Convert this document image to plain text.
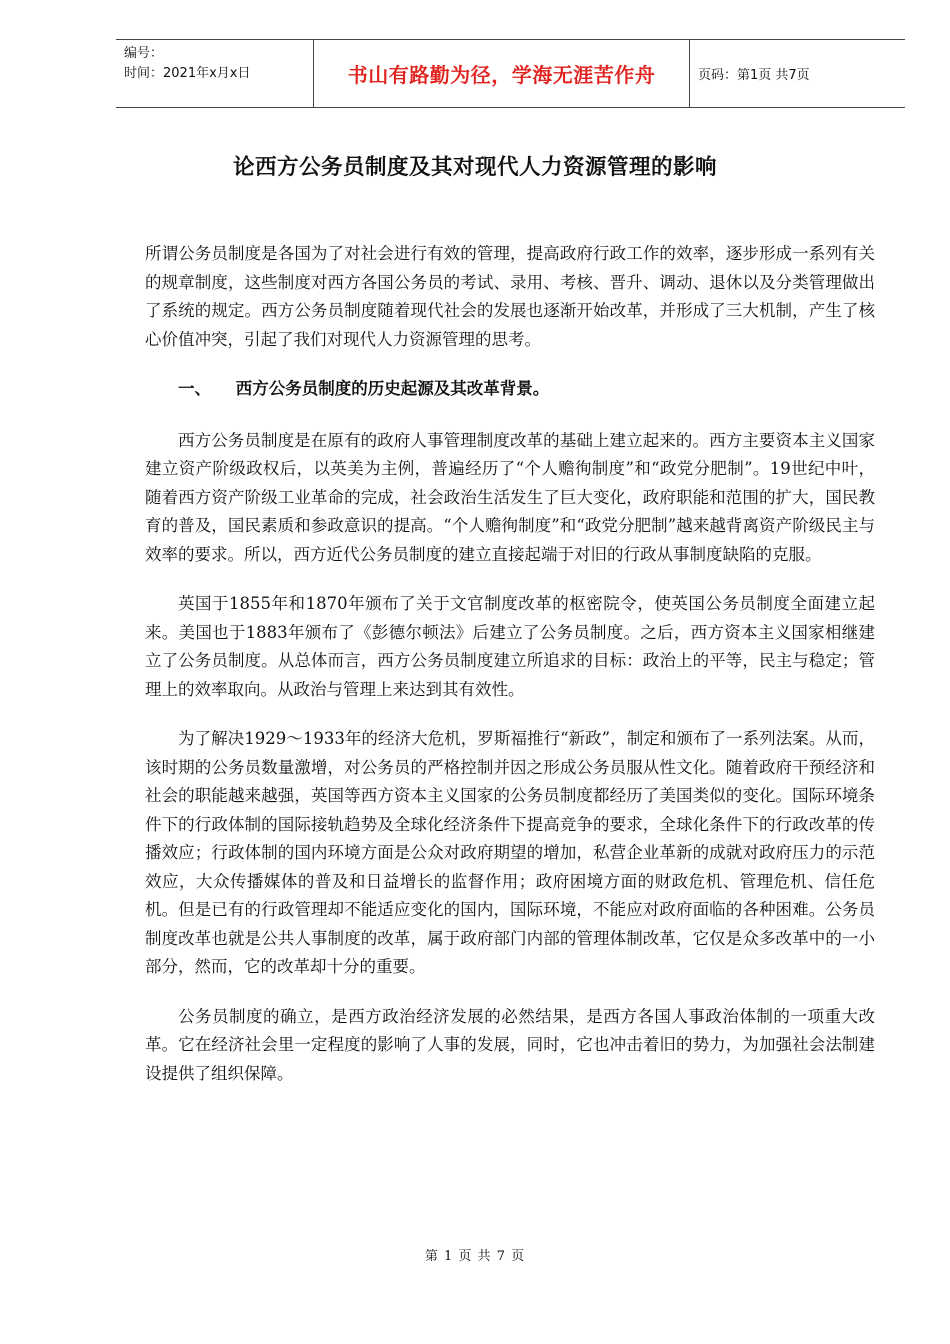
编号：
时间：2021年x月x日	书山有路勤为径，学海无涯苦作舟	页码：第1页 共7页
论西方公务员制度及其对现代人力资源管理的影响

所谓公务员制度是各国为了对社会进行有效的管理，提高政府行政工作的效率，逐步形成一系列有关的规章制度，这些制度对西方各国公务员的考试、录用、考核、晋升、调动、退休以及分类管理做出了系统的规定。西方公务员制度随着现代社会的发展也逐渐开始改革，并形成了三大机制，产生了核心价值冲突，引起了我们对现代人力资源管理的思考。

一、 西方公务员制度的历史起源及其改革背景。

西方公务员制度是在原有的政府人事管理制度改革的基础上建立起来的。西方主要资本主义国家建立资产阶级政权后，以英美为主例，普遍经历了“个人赡徇制度”和“政党分肥制”。19世纪中叶，随着西方资产阶级工业革命的完成，社会政治生活发生了巨大变化，政府职能和范围的扩大，国民教育的普及，国民素质和参政意识的提高。“个人赡徇制度”和“政党分肥制”越来越背离资产阶级民主与效率的要求。所以，西方近代公务员制度的建立直接起端于对旧的行政从事制度缺陷的克服。

英国于1855年和1870年颁布了关于文官制度改革的枢密院令，使英国公务员制度全面建立起来。美国也于1883年颁布了《彭德尔顿法》后建立了公务员制度。之后，西方资本主义国家相继建立了公务员制度。从总体而言，西方公务员制度建立所追求的目标：政治上的平等，民主与稳定；管理上的效率取向。从政治与管理上来达到其有效性。

为了解决1929～1933年的经济大危机，罗斯福推行“新政”，制定和颁布了一系列法案。从而，该时期的公务员数量激增，对公务员的严格控制并因之形成公务员服从性文化。随着政府干预经济和社会的职能越来越强，英国等西方资本主义国家的公务员制度都经历了美国类似的变化。国际环境条件下的行政体制的国际接轨趋势及全球化经济条件下提高竞争的要求，全球化条件下的行政改革的传播效应；行政体制的国内环境方面是公众对政府期望的增加，私营企业革新的成就对政府压力的示范效应，大众传播媒体的普及和日益增长的监督作用；政府困境方面的财政危机、管理危机、信任危机。但是已有的行政管理却不能适应变化的国内，国际环境，不能应对政府面临的各种困难。公务员制度改革也就是公共人事制度的改革，属于政府部门内部的管理体制改革，它仅是众多改革中的一小部分，然而，它的改革却十分的重要。

公务员制度的确立，是西方政治经济发展的必然结果，是西方各国人事政治体制的一项重大改革。它在经济社会里一定程度的影响了人事的发展，同时，它也冲击着旧的势力，为加强社会法制建设提供了组织保障。

第 1 页 共 7 页
